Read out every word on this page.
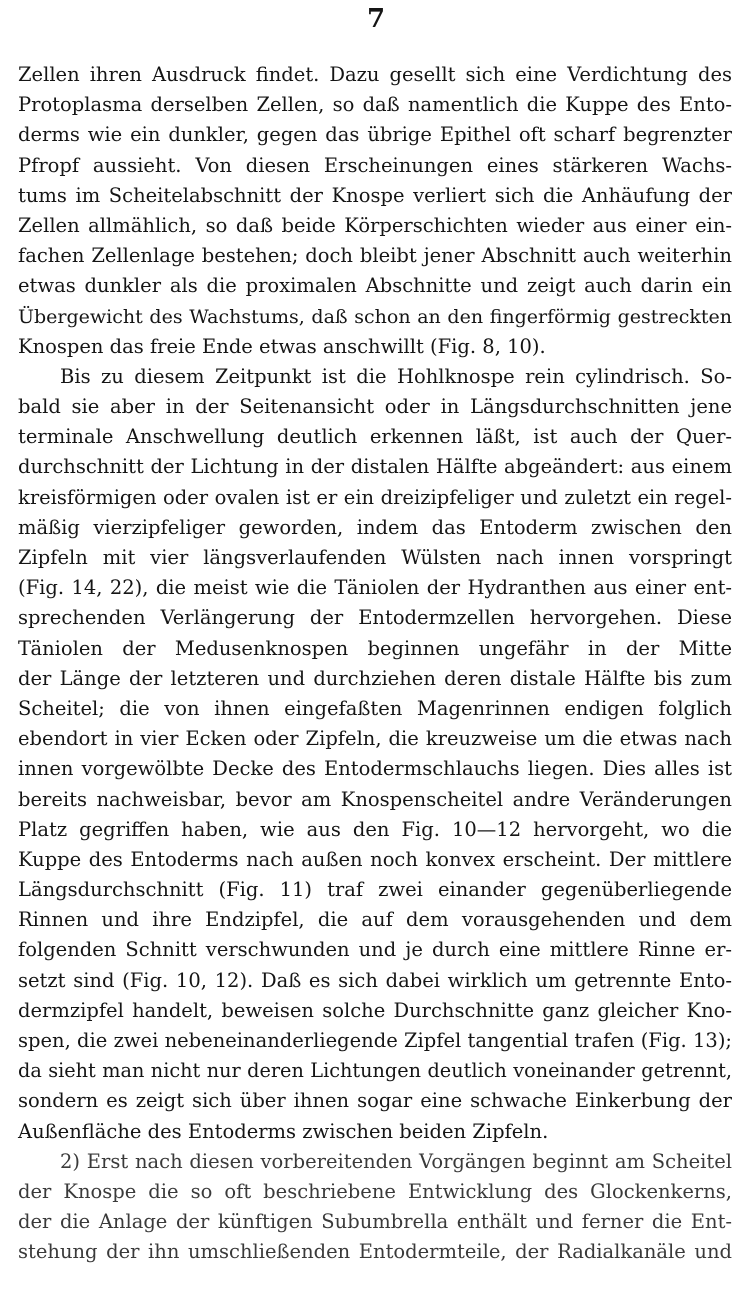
7
Zellen ihren Ausdruck findet. Dazu gesellt sich eine Verdichtung des
Protoplasma derselben Zellen, so daß namentlich die Kuppe des Ento-
derms wie ein dunkler, gegen das übrige Epithel oft scharf begrenzter
Pfropf aussieht. Von diesen Erscheinungen eines stärkeren Wachs-
tums im Scheitelabschnitt der Knospe verliert sich die Anhäufung der
Zellen allmählich, so daß beide Körperschichten wieder aus einer ein-
fachen Zellenlage bestehen; doch bleibt jener Abschnitt auch weiterhin
etwas dunkler als die proximalen Abschnitte und zeigt auch darin ein
Übergewicht des Wachstums, daß schon an den fingerförmig gestreckten
Knospen das freie Ende etwas anschwillt (Fig. 8, 10).
Bis zu diesem Zeitpunkt ist die Hohlknospe rein cylindrisch. So-
bald sie aber in der Seitenansicht oder in Längsdurchschnitten jene
terminale Anschwellung deutlich erkennen läßt, ist auch der Quer-
durchschnitt der Lichtung in der distalen Hälfte abgeändert: aus einem
kreisförmigen oder ovalen ist er ein dreizipfeliger und zuletzt ein regel-
mäßig vierzipfeliger geworden, indem das Entoderm zwischen den
Zipfeln mit vier längsverlaufenden Wülsten nach innen vorspringt
(Fig. 14, 22), die meist wie die Täniolen der Hydranthen aus einer ent-
sprechenden Verlängerung der Entodermzellen hervorgehen. Diese
Täniolen der Medusenknospen beginnen ungefähr in der Mitte
der Länge der letzteren und durchziehen deren distale Hälfte bis zum
Scheitel; die von ihnen eingefaßten Magenrinnen endigen folglich
ebendort in vier Ecken oder Zipfeln, die kreuzweise um die etwas nach
innen vorgewölbte Decke des Entodermschlauchs liegen. Dies alles ist
bereits nachweisbar, bevor am Knospenscheitel andre Veränderungen
Platz gegriffen haben, wie aus den Fig. 10—12 hervorgeht, wo die
Kuppe des Entoderms nach außen noch konvex erscheint. Der mittlere
Längsdurchschnitt (Fig. 11) traf zwei einander gegenüberliegende
Rinnen und ihre Endzipfel, die auf dem vorausgehenden und dem
folgenden Schnitt verschwunden und je durch eine mittlere Rinne er-
setzt sind (Fig. 10, 12). Daß es sich dabei wirklich um getrennte Ento-
dermzipfel handelt, beweisen solche Durchschnitte ganz gleicher Kno-
spen, die zwei nebeneinanderliegende Zipfel tangential trafen (Fig. 13);
da sieht man nicht nur deren Lichtungen deutlich voneinander getrennt,
sondern es zeigt sich über ihnen sogar eine schwache Einkerbung der
Außenfläche des Entoderms zwischen beiden Zipfeln.
2) Erst nach diesen vorbereitenden Vorgängen beginnt am Scheitel
der Knospe die so oft beschriebene Entwicklung des Glockenkerns,
der die Anlage der künftigen Subumbrella enthält und ferner die Ent-
stehung der ihn umschließenden Entodermteile, der Radialkanäle und
